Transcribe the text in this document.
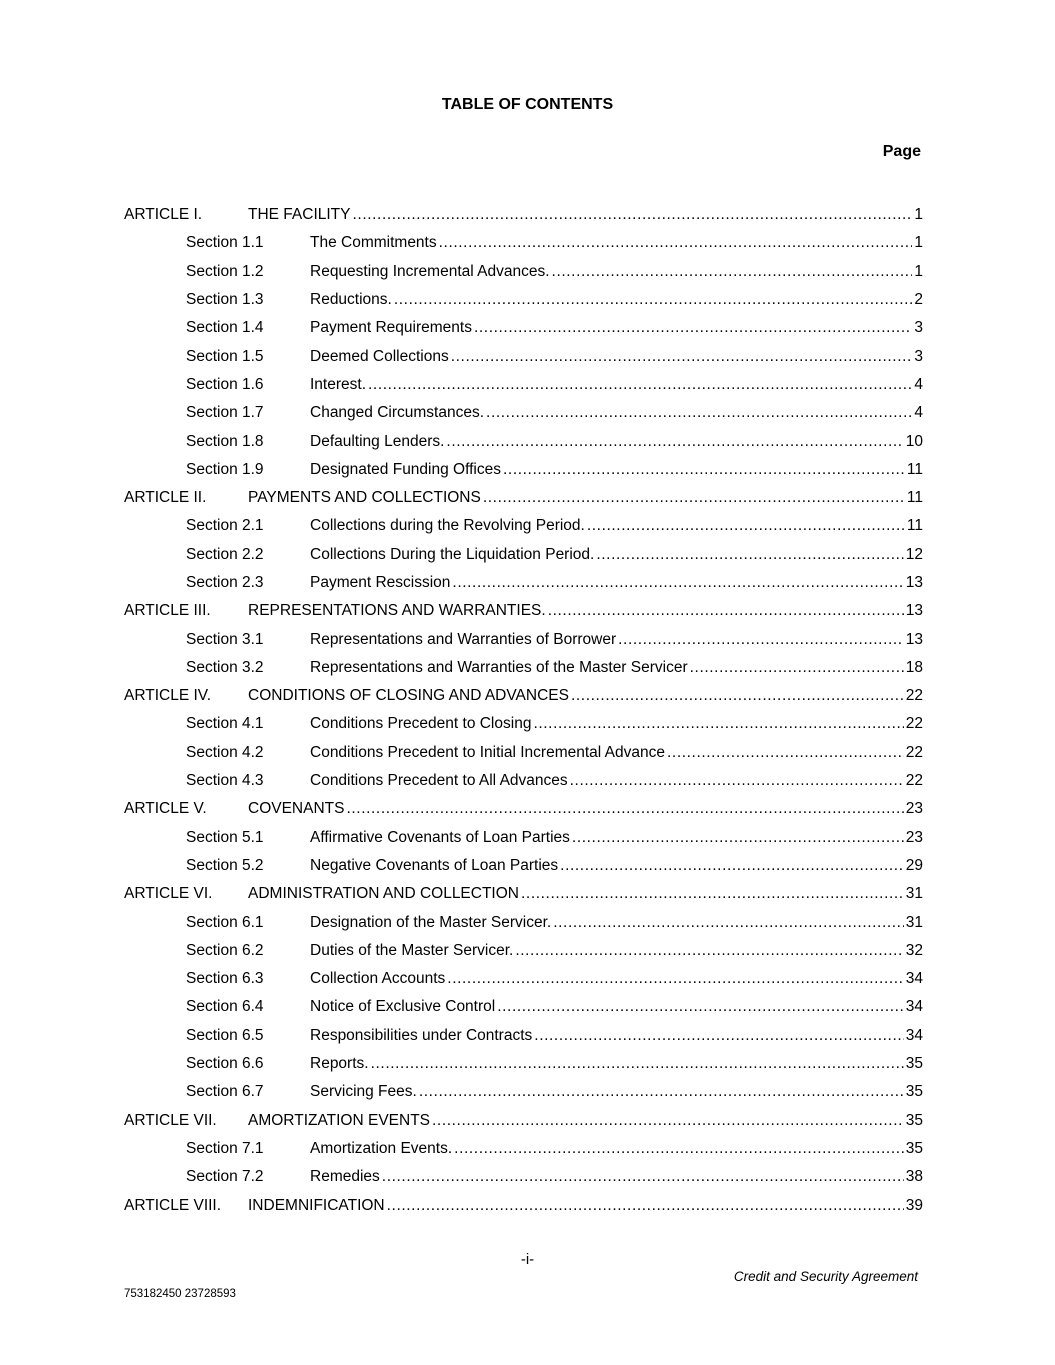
TABLE OF CONTENTS
Page
ARTICLE I.	THE FACILITY .....	1
Section 1.1	The Commitments .....	1
Section 1.2	Requesting Incremental Advances. .....	1
Section 1.3	Reductions. .....	2
Section 1.4	Payment Requirements .....	3
Section 1.5	Deemed Collections .....	3
Section 1.6	Interest. .....	4
Section 1.7	Changed Circumstances. .....	4
Section 1.8	Defaulting Lenders. .....	10
Section 1.9	Designated Funding Offices .....	11
ARTICLE II.	PAYMENTS AND COLLECTIONS .....	11
Section 2.1	Collections during the Revolving Period. .....	11
Section 2.2	Collections During the Liquidation Period. .....	12
Section 2.3	Payment Rescission .....	13
ARTICLE III.	REPRESENTATIONS AND WARRANTIES. .....	13
Section 3.1	Representations and Warranties of Borrower .....	13
Section 3.2	Representations and Warranties of the Master Servicer .....	18
ARTICLE IV.	CONDITIONS OF CLOSING AND ADVANCES .....	22
Section 4.1	Conditions Precedent to Closing .....	22
Section 4.2	Conditions Precedent to Initial Incremental Advance .....	22
Section 4.3	Conditions Precedent to All Advances .....	22
ARTICLE V.	COVENANTS .....	23
Section 5.1	Affirmative Covenants of Loan Parties .....	23
Section 5.2	Negative Covenants of Loan Parties .....	29
ARTICLE VI.	ADMINISTRATION AND COLLECTION .....	31
Section 6.1	Designation of the Master Servicer. .....	31
Section 6.2	Duties of the Master Servicer. .....	32
Section 6.3	Collection Accounts .....	34
Section 6.4	Notice of Exclusive Control .....	34
Section 6.5	Responsibilities under Contracts .....	34
Section 6.6	Reports. .....	35
Section 6.7	Servicing Fees. .....	35
ARTICLE VII.	AMORTIZATION EVENTS .....	35
Section 7.1	Amortization Events. .....	35
Section 7.2	Remedies .....	38
ARTICLE VIII.	INDEMNIFICATION .....	39
-i-
Credit and Security Agreement
753182450 23728593
